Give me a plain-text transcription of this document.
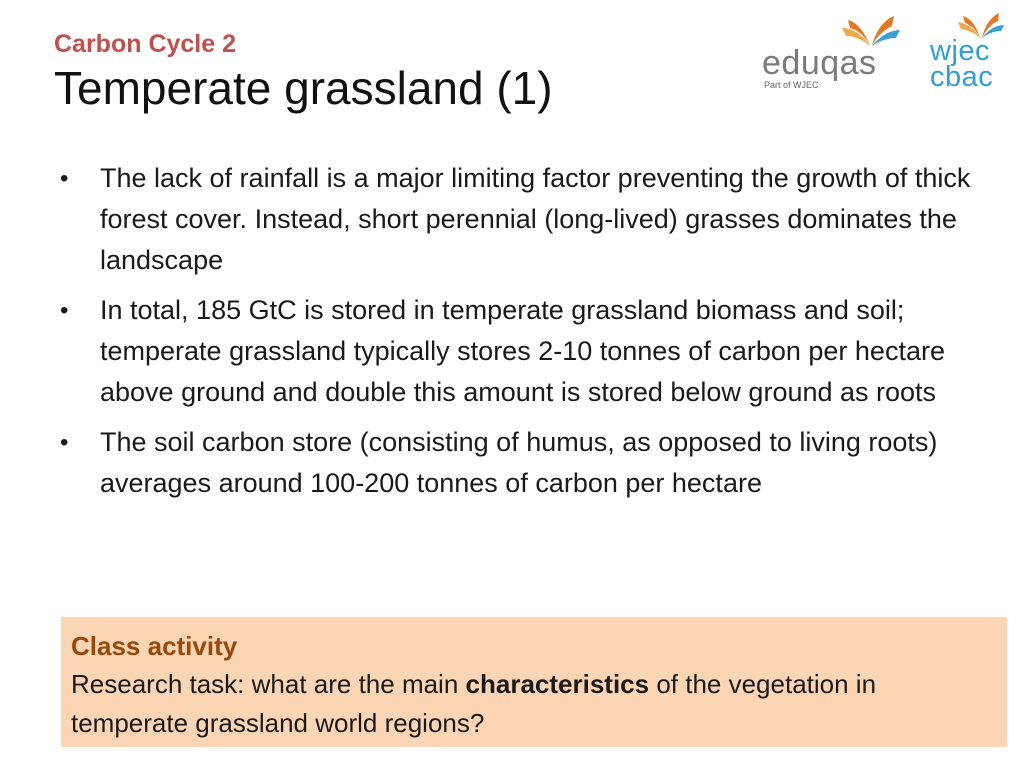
Carbon Cycle 2
Temperate grassland (1)	eduqas
Part of WJEC
wjec
cbac
• The lack of rainfall is a major limiting factor preventing the growth of thick forest cover. Instead, short perennial (long-lived) grasses dominates the landscape
• In total, 185 GtC is stored in temperate grassland biomass and soil; temperate grassland typically stores 2-10 tonnes of carbon per hectare above ground and double this amount is stored below ground as roots
• The soil carbon store (consisting of humus, as opposed to living roots) averages around 100-200 tonnes of carbon per hectare
Class activity
Research task: what are the main characteristics of the vegetation in temperate grassland world regions?
